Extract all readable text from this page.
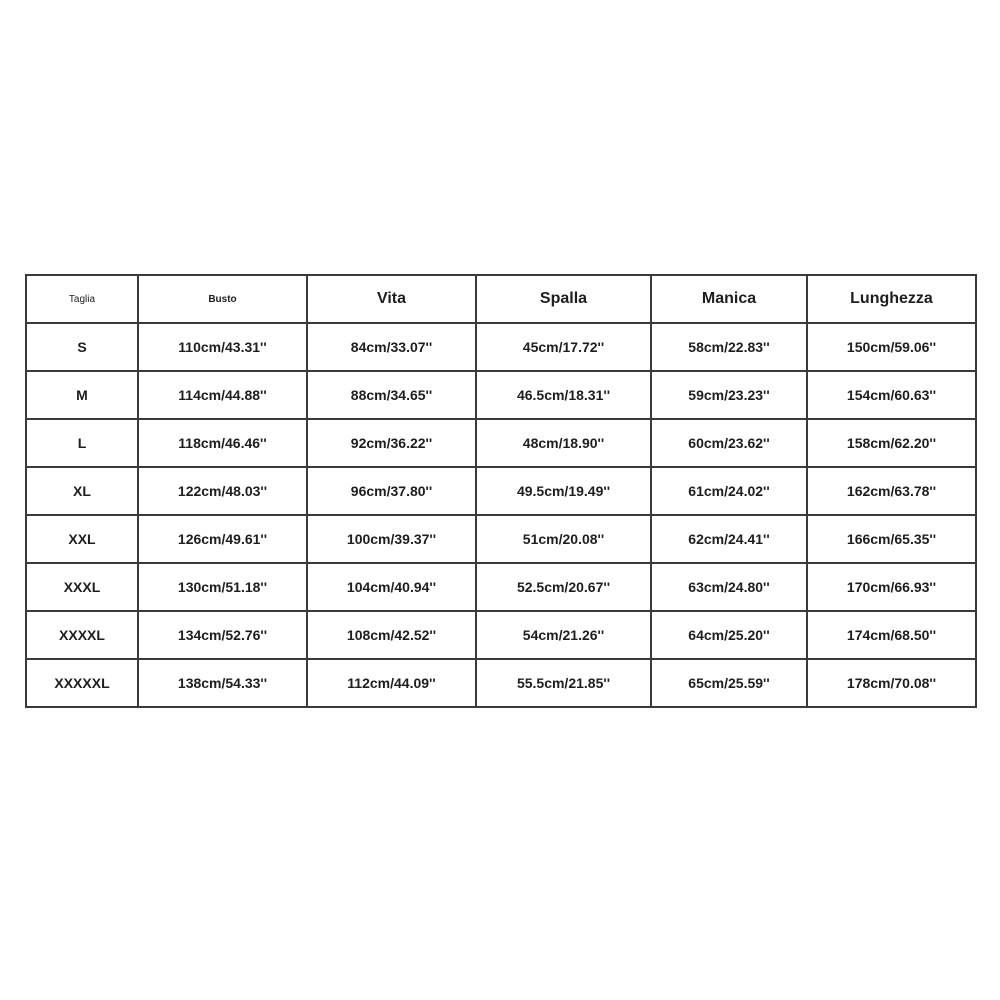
Taglia	Busto	Vita	Spalla	Manica	Lunghezza
S	110cm/43.31''	84cm/33.07''	45cm/17.72''	58cm/22.83''	150cm/59.06''
M	114cm/44.88''	88cm/34.65''	46.5cm/18.31''	59cm/23.23''	154cm/60.63''
L	118cm/46.46''	92cm/36.22''	48cm/18.90''	60cm/23.62''	158cm/62.20''
XL	122cm/48.03''	96cm/37.80''	49.5cm/19.49''	61cm/24.02''	162cm/63.78''
XXL	126cm/49.61''	100cm/39.37''	51cm/20.08''	62cm/24.41''	166cm/65.35''
XXXL	130cm/51.18''	104cm/40.94''	52.5cm/20.67''	63cm/24.80''	170cm/66.93''
XXXXL	134cm/52.76''	108cm/42.52''	54cm/21.26''	64cm/25.20''	174cm/68.50''
XXXXXL	138cm/54.33''	112cm/44.09''	55.5cm/21.85''	65cm/25.59''	178cm/70.08''
